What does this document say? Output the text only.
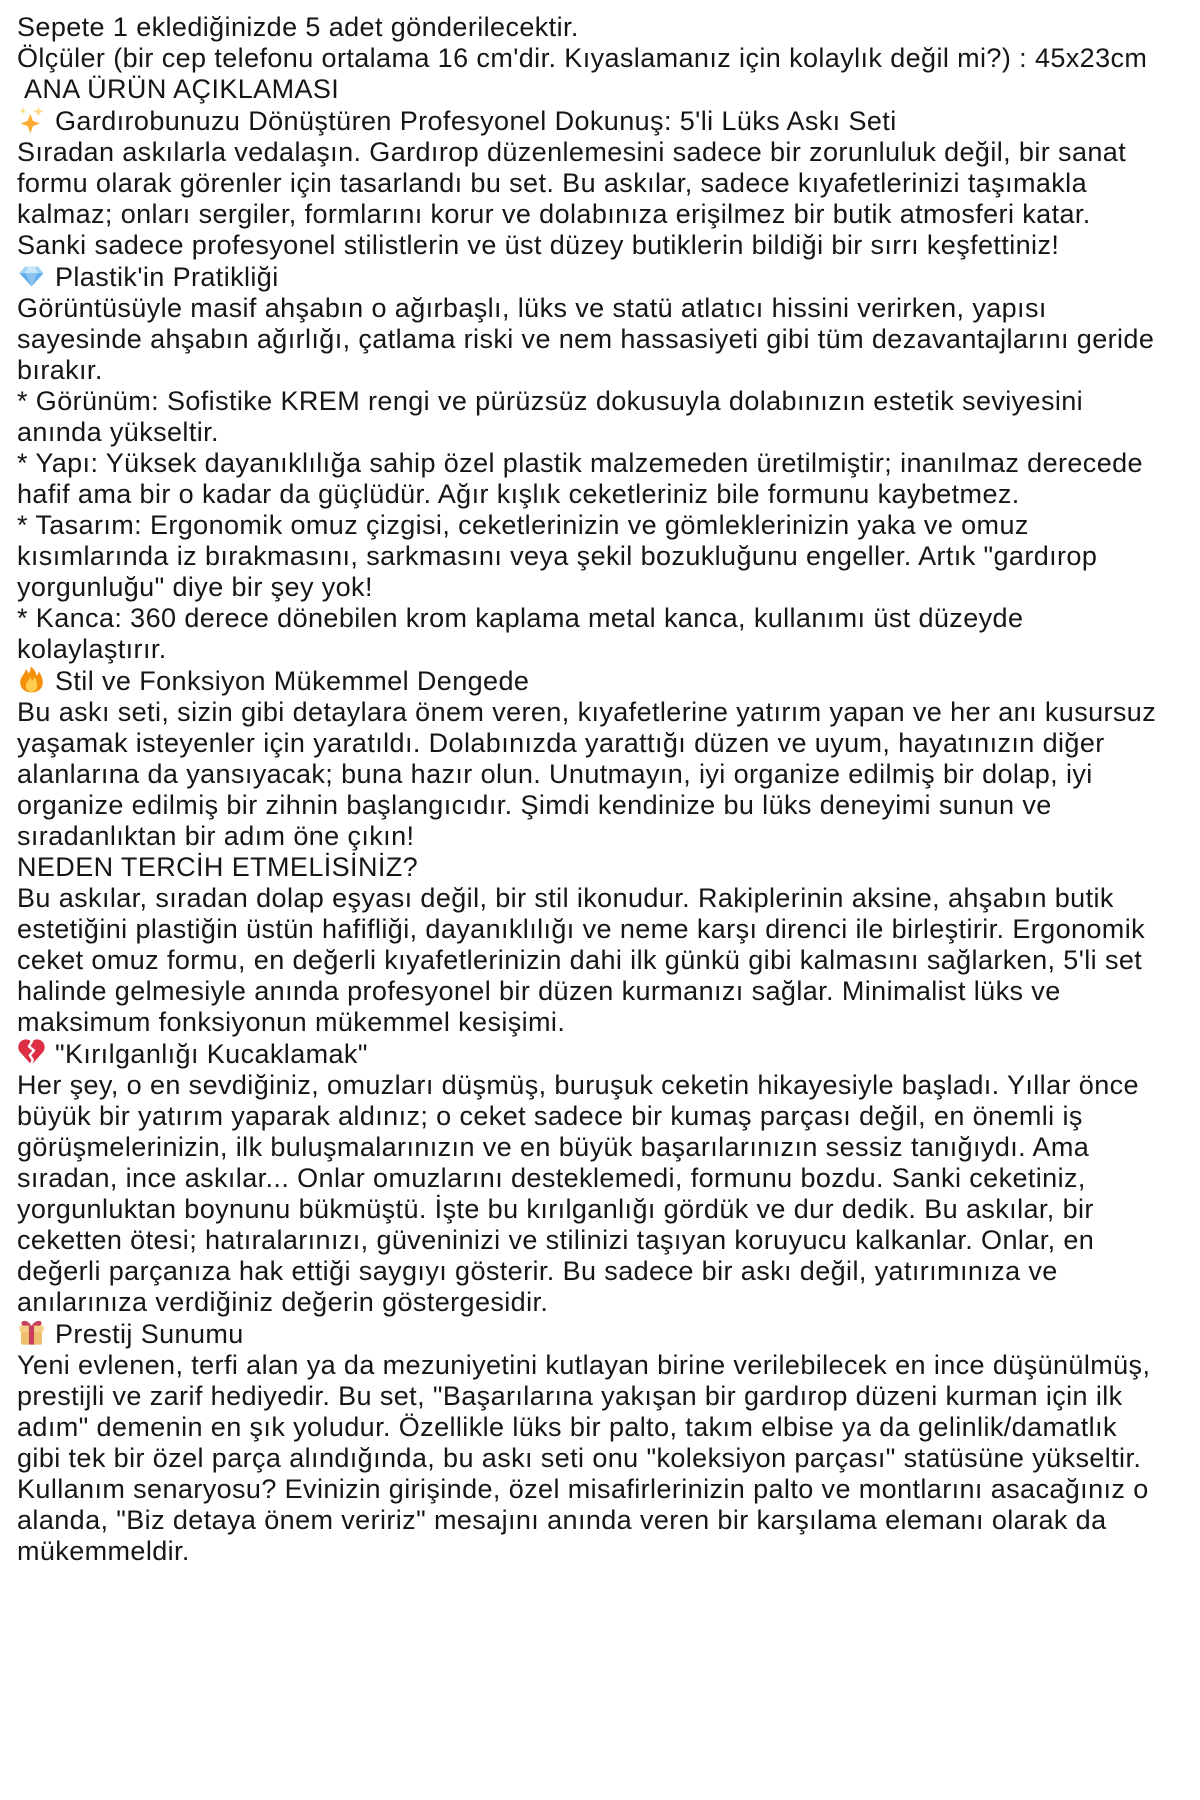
Sepete 1 eklediğinizde 5 adet gönderilecektir.

Ölçüler (bir cep telefonu ortalama 16 cm'dir. Kıyaslamanız için kolaylık değil mi?) : 45x23cm

ANA ÜRÜN AÇIKLAMASI

Gardırobunuzu Dönüştüren Profesyonel Dokunuş: 5'li Lüks Askı Seti

Sıradan askılarla vedalaşın. Gardırop düzenlemesini sadece bir zorunluluk değil, bir sanat formu olarak görenler için tasarlandı bu set. Bu askılar, sadece kıyafetlerinizi taşımakla kalmaz; onları sergiler, formlarını korur ve dolabınıza erişilmez bir butik atmosferi katar. Sanki sadece profesyonel stilistlerin ve üst düzey butiklerin bildiği bir sırrı keşfettiniz!

Plastik'in Pratikliği

Görüntüsüyle masif ahşabın o ağırbaşlı, lüks ve statü atlatıcı hissini verirken, yapısı sayesinde ahşabın ağırlığı, çatlama riski ve nem hassasiyeti gibi tüm dezavantajlarını geride bırakır.

* Görünüm: Sofistike KREM rengi ve pürüzsüz dokusuyla dolabınızın estetik seviyesini anında yükseltir.

* Yapı: Yüksek dayanıklılığa sahip özel plastik malzemeden üretilmiştir; inanılmaz derecede hafif ama bir o kadar da güçlüdür. Ağır kışlık ceketleriniz bile formunu kaybetmez.

* Tasarım: Ergonomik omuz çizgisi, ceketlerinizin ve gömleklerinizin yaka ve omuz kısımlarında iz bırakmasını, sarkmasını veya şekil bozukluğunu engeller. Artık "gardırop yorgunluğu" diye bir şey yok!

* Kanca: 360 derece dönebilen krom kaplama metal kanca, kullanımı üst düzeyde kolaylaştırır.

Stil ve Fonksiyon Mükemmel Dengede

Bu askı seti, sizin gibi detaylara önem veren, kıyafetlerine yatırım yapan ve her anı kusursuz yaşamak isteyenler için yaratıldı. Dolabınızda yarattığı düzen ve uyum, hayatınızın diğer alanlarına da yansıyacak; buna hazır olun. Unutmayın, iyi organize edilmiş bir dolap, iyi organize edilmiş bir zihnin başlangıcıdır. Şimdi kendinize bu lüks deneyimi sunun ve sıradanlıktan bir adım öne çıkın!

NEDEN TERCİH ETMELİSİNİZ?

Bu askılar, sıradan dolap eşyası değil, bir stil ikonudur. Rakiplerinin aksine, ahşabın butik estetiğini plastiğin üstün hafifliği, dayanıklılığı ve neme karşı direnci ile birleştirir. Ergonomik ceket omuz formu, en değerli kıyafetlerinizin dahi ilk günkü gibi kalmasını sağlarken, 5'li set halinde gelmesiyle anında profesyonel bir düzen kurmanızı sağlar. Minimalist lüks ve maksimum fonksiyonun mükemmel kesişimi.

"Kırılganlığı Kucaklamak"

Her şey, o en sevdiğiniz, omuzları düşmüş, buruşuk ceketin hikayesiyle başladı. Yıllar önce büyük bir yatırım yaparak aldınız; o ceket sadece bir kumaş parçası değil, en önemli iş görüşmelerinizin, ilk buluşmalarınızın ve en büyük başarılarınızın sessiz tanığıydı. Ama sıradan, ince askılar... Onlar omuzlarını desteklemedi, formunu bozdu. Sanki ceketiniz, yorgunluktan boynunu bükmüştü. İşte bu kırılganlığı gördük ve dur dedik. Bu askılar, bir ceketten ötesi; hatıralarınızı, güveninizi ve stilinizi taşıyan koruyucu kalkanlar. Onlar, en değerli parçanıza hak ettiği saygıyı gösterir. Bu sadece bir askı değil, yatırımınıza ve anılarınıza verdiğiniz değerin göstergesidir.

Prestij Sunumu

Yeni evlenen, terfi alan ya da mezuniyetini kutlayan birine verilebilecek en ince düşünülmüş, prestijli ve zarif hediyedir. Bu set, "Başarılarına yakışan bir gardırop düzeni kurman için ilk adım" demenin en şık yoludur. Özellikle lüks bir palto, takım elbise ya da gelinlik/damatlık gibi tek bir özel parça alındığında, bu askı seti onu "koleksiyon parçası" statüsüne yükseltir. Kullanım senaryosu? Evinizin girişinde, özel misafirlerinizin palto ve montlarını asacağınız o alanda, "Biz detaya önem veririz" mesajını anında veren bir karşılama elemanı olarak da mükemmeldir.
